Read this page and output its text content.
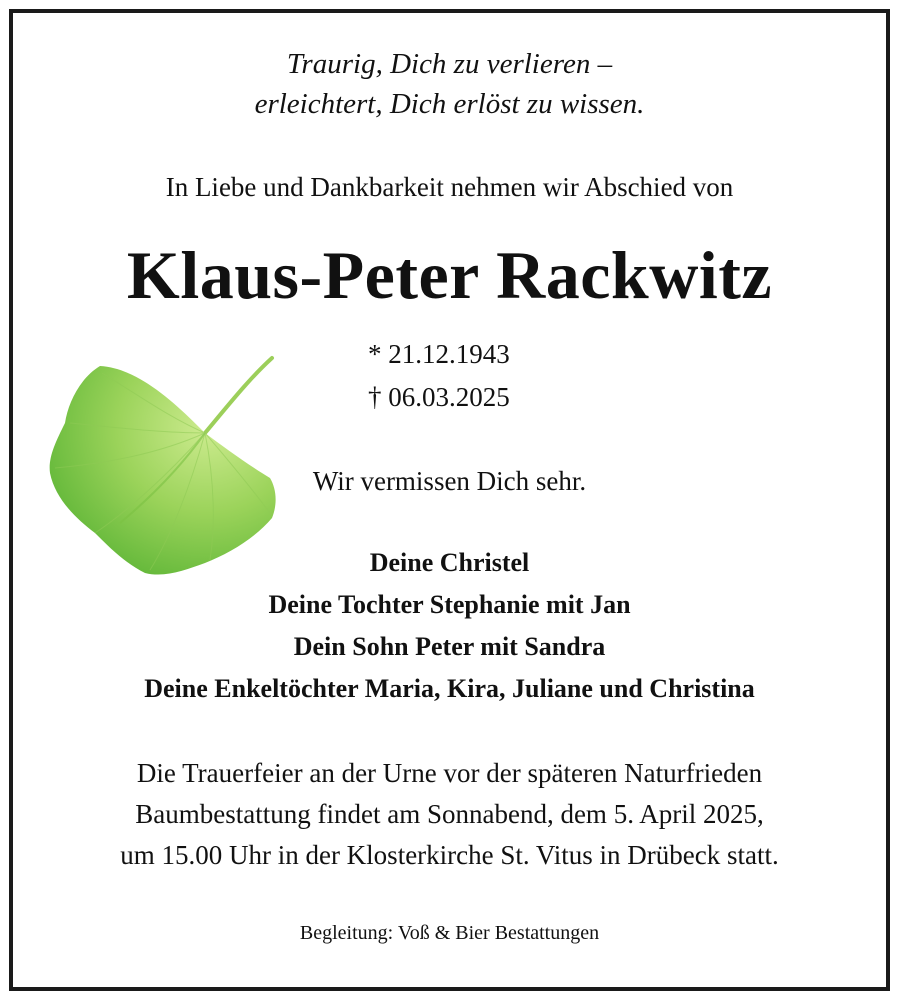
Traurig, Dich zu verlieren –
erleichtert, Dich erlöst zu wissen.
In Liebe und Dankbarkeit nehmen wir Abschied von
Klaus-Peter Rackwitz
* 21.12.1943
† 06.03.2025
Wir vermissen Dich sehr.
Deine Christel
Deine Tochter Stephanie mit Jan
Dein Sohn Peter mit Sandra
Deine Enkeltöchter Maria, Kira, Juliane und Christina
Die Trauerfeier an der Urne vor der späteren Naturfrieden
Baumbestattung findet am Sonnabend, dem 5. April 2025,
um 15.00 Uhr in der Klosterkirche St. Vitus in Drübeck statt.
Begleitung: Voß & Bier Bestattungen
